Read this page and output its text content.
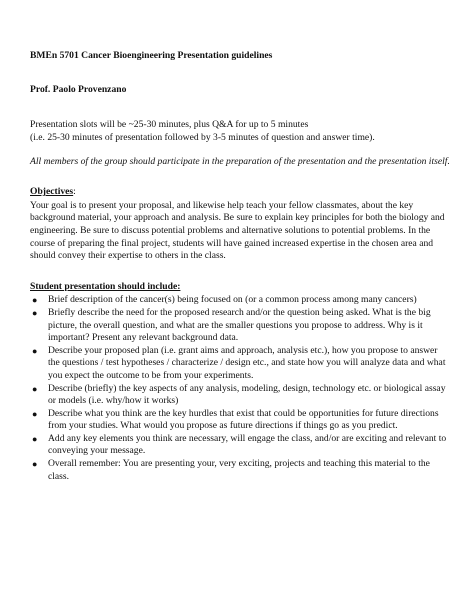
BMEn 5701 Cancer Bioengineering Presentation guidelines
Prof. Paolo Provenzano
Presentation slots will be ~25-30 minutes, plus Q&A for up to 5 minutes
(i.e. 25-30 minutes of presentation followed by 3-5 minutes of question and answer time).
All members of the group should participate in the preparation of the presentation and the presentation itself.
Objectives:
Your goal is to present your proposal, and likewise help teach your fellow classmates, about the key background material, your approach and analysis. Be sure to explain key principles for both the biology and engineering. Be sure to discuss potential problems and alternative solutions to potential problems. In the course of preparing the final project, students will have gained increased expertise in the chosen area and should convey their expertise to others in the class.
Student presentation should include:
● Brief description of the cancer(s) being focused on (or a common process among many cancers)
● Briefly describe the need for the proposed research and/or the question being asked. What is the big picture, the overall question, and what are the smaller questions you propose to address. Why is it important? Present any relevant background data.
● Describe your proposed plan (i.e. grant aims and approach, analysis etc.), how you propose to answer the questions / test hypotheses / characterize / design etc., and state how you will analyze data and what you expect the outcome to be from your experiments.
● Describe (briefly) the key aspects of any analysis, modeling, design, technology etc. or biological assay or models (i.e. why/how it works)
● Describe what you think are the key hurdles that exist that could be opportunities for future directions from your studies. What would you propose as future directions if things go as you predict.
● Add any key elements you think are necessary, will engage the class, and/or are exciting and relevant to conveying your message.
● Overall remember: You are presenting your, very exciting, projects and teaching this material to the class.
